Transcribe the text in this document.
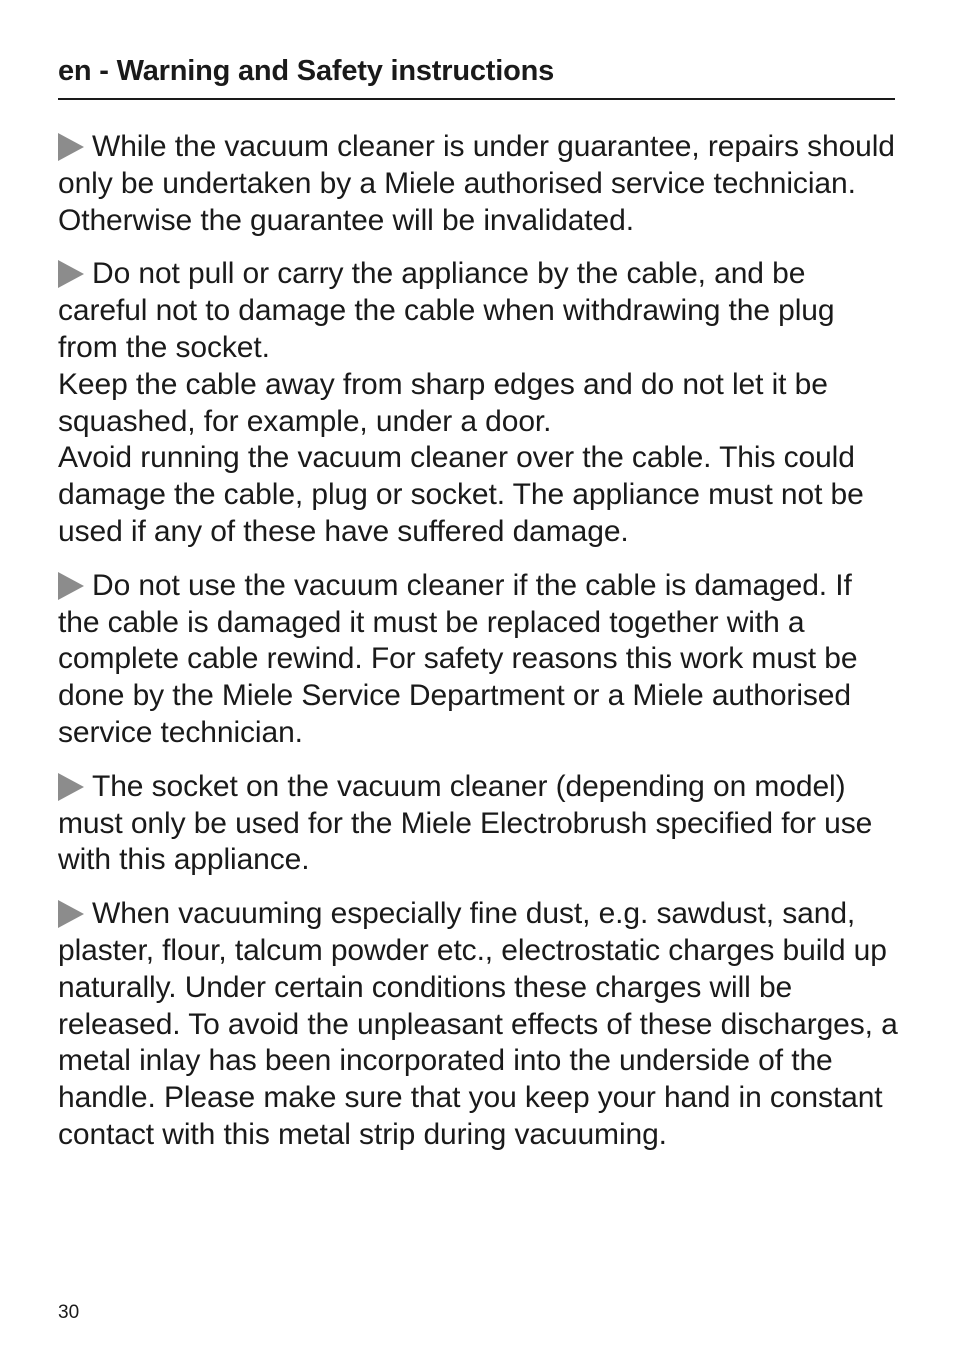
en - Warning and Safety instructions

While the vacuum cleaner is under guarantee, repairs should only be undertaken by a Miele authorised service technician. Otherwise the guarantee will be invalidated.

Do not pull or carry the appliance by the cable, and be careful not to damage the cable when withdrawing the plug from the socket.

Keep the cable away from sharp edges and do not let it be squashed, for example, under a door.

Avoid running the vacuum cleaner over the cable. This could damage the cable, plug or socket. The appliance must not be used if any of these have suffered damage.

Do not use the vacuum cleaner if the cable is damaged. If the cable is damaged it must be replaced together with a complete cable rewind. For safety reasons this work must be done by the Miele Service Department or a Miele authorised service technician.

The socket on the vacuum cleaner (depending on model) must only be used for the Miele Electrobrush specified for use with this appliance.

When vacuuming especially fine dust, e.g. sawdust, sand, plaster, flour, talcum powder etc., electrostatic charges build up naturally. Under certain conditions these charges will be released. To avoid the unpleasant effects of these discharges, a metal inlay has been incorporated into the underside of the handle. Please make sure that you keep your hand in constant contact with this metal strip during vacuuming.

30
